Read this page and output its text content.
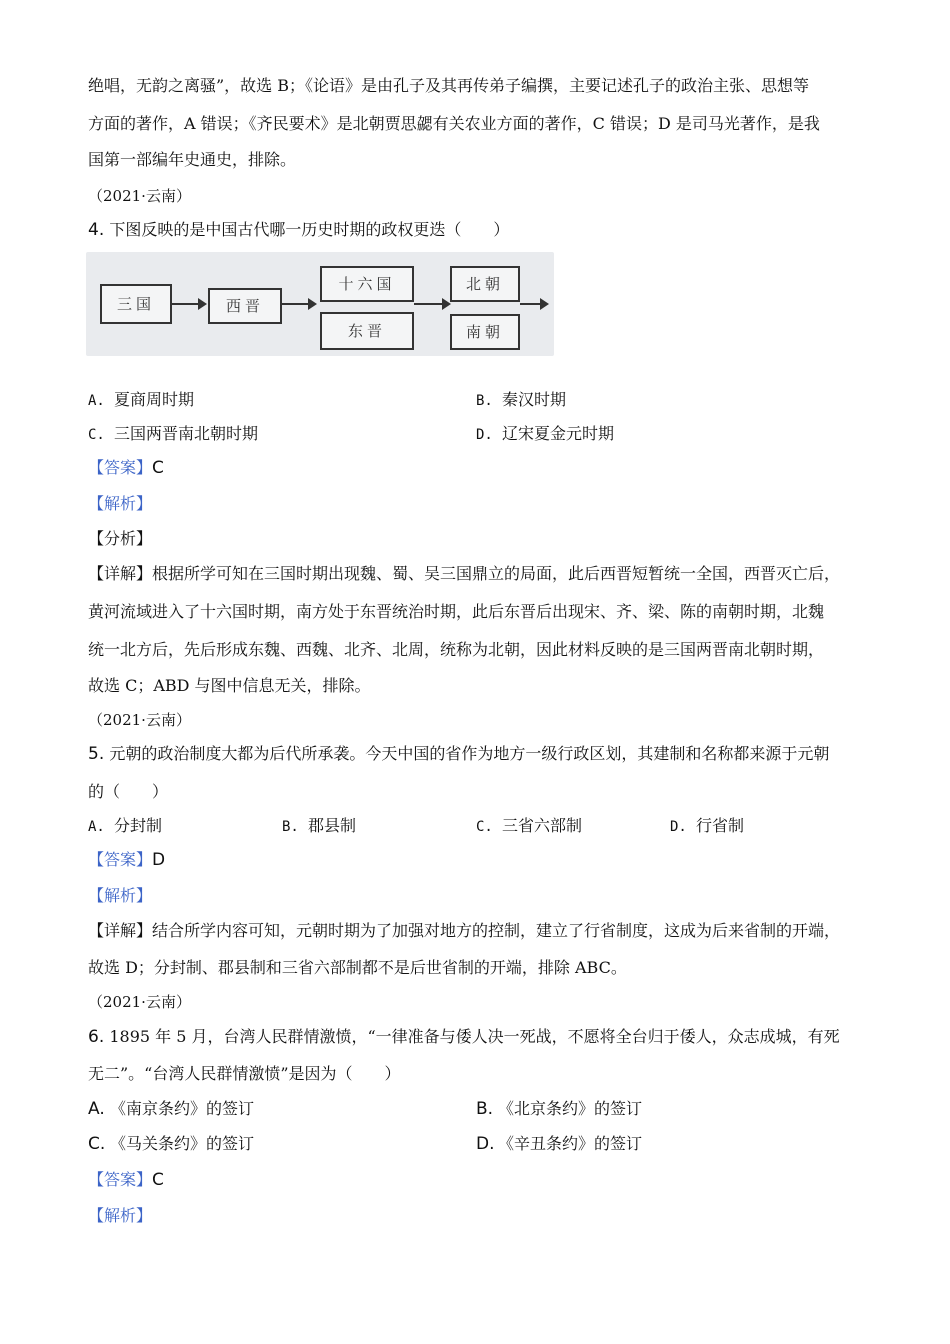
绝唱，无韵之离骚”，故选 B；《论语》是由孔子及其再传弟子编撰，主要记述孔子的政治主张、思想等
方面的著作，A 错误；《齐民要术》是北朝贾思勰有关农业方面的著作，C 错误；D 是司马光著作，是我
国第一部编年史通史，排除。
（2021·云南）
4. 下图反映的是中国古代哪一历史时期的政权更迭（　　）
三国	西晋
十六国
东晋
北朝
南朝
A. 夏商周时期	B. 秦汉时期
C. 三国两晋南北朝时期	D. 辽宋夏金元时期
【答案】C
【解析】
【分析】
【详解】根据所学可知在三国时期出现魏、蜀、吴三国鼎立的局面，此后西晋短暂统一全国，西晋灭亡后，
黄河流域进入了十六国时期，南方处于东晋统治时期，此后东晋后出现宋、齐、梁、陈的南朝时期，北魏
统一北方后，先后形成东魏、西魏、北齐、北周，统称为北朝，因此材料反映的是三国两晋南北朝时期，
故选 C；ABD 与图中信息无关，排除。
（2021·云南）
5. 元朝的政治制度大都为后代所承袭。今天中国的省作为地方一级行政区划，其建制和名称都来源于元朝
的（　　）
A. 分封制	B. 郡县制	C. 三省六部制	D. 行省制
【答案】D
【解析】
【详解】结合所学内容可知，元朝时期为了加强对地方的控制，建立了行省制度，这成为后来省制的开端，
故选 D；分封制、郡县制和三省六部制都不是后世省制的开端，排除 ABC。
（2021·云南）
6. 1895 年 5 月，台湾人民群情激愤，“一律准备与倭人决一死战，不愿将全台归于倭人，众志成城，有死
无二”。“台湾人民群情激愤”是因为（　　）
A. 《南京条约》的签订	B. 《北京条约》的签订
C. 《马关条约》的签订	D. 《辛丑条约》的签订
【答案】C
【解析】
